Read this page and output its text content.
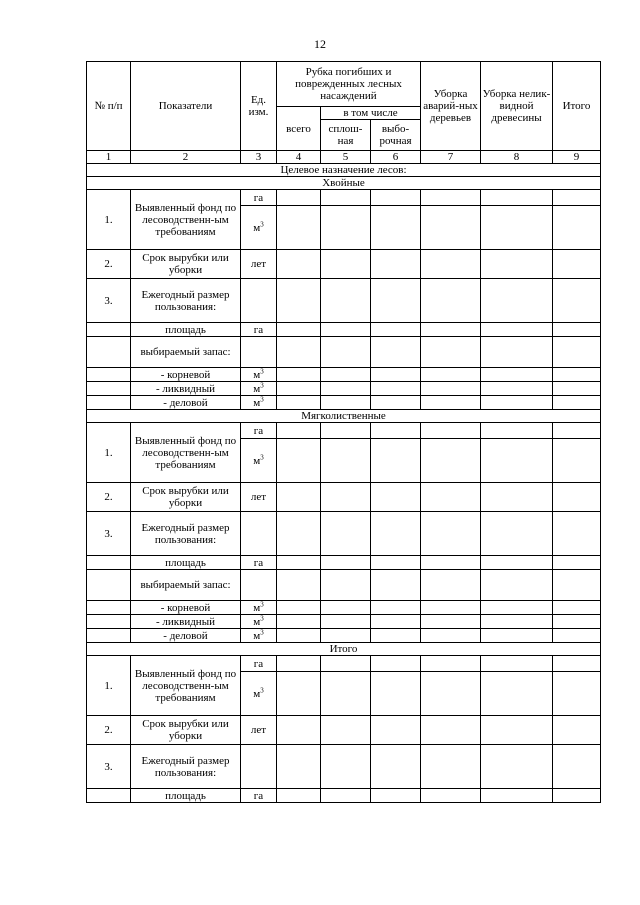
12
№ п/п	Показатели	Ед. изм.	Рубка погибших и поврежденных лесных насаждений			Уборка аварий-ных деревьев	Уборка нелик-видной древесины	Итого
			всего	в том числе				
				сплош-ная	выбо-рочная			
1	2	3	4	5	6	7	8	9
Целевое назначение лесов:								
Хвойные								
1.	Выявленный фонд по лесоводственн-ым требованиям	га						
		$м^3$						
2.	Срок вырубки или уборки	лет						
3.	Ежегодный размер пользования:							
	площадь	га						
	выбираемый запас:							
	- корневой	$м^3$						
	- ликвидный	$м^3$						
	- деловой	$м^3$						
Мягколиственные								
1.	Выявленный фонд по лесоводственн-ым требованиям	га						
		$м^3$						
2.	Срок вырубки или уборки	лет						
3.	Ежегодный размер пользования:							
	площадь	га						
	выбираемый запас:							
	- корневой	$м^3$						
	- ликвидный	$м^3$						
	- деловой	$м^3$						
Итого								
1.	Выявленный фонд по лесоводственн-ым требованиям	га						
		$м^3$						
2.	Срок вырубки или уборки	лет						
3.	Ежегодный размер пользования:							
	площадь	га						
